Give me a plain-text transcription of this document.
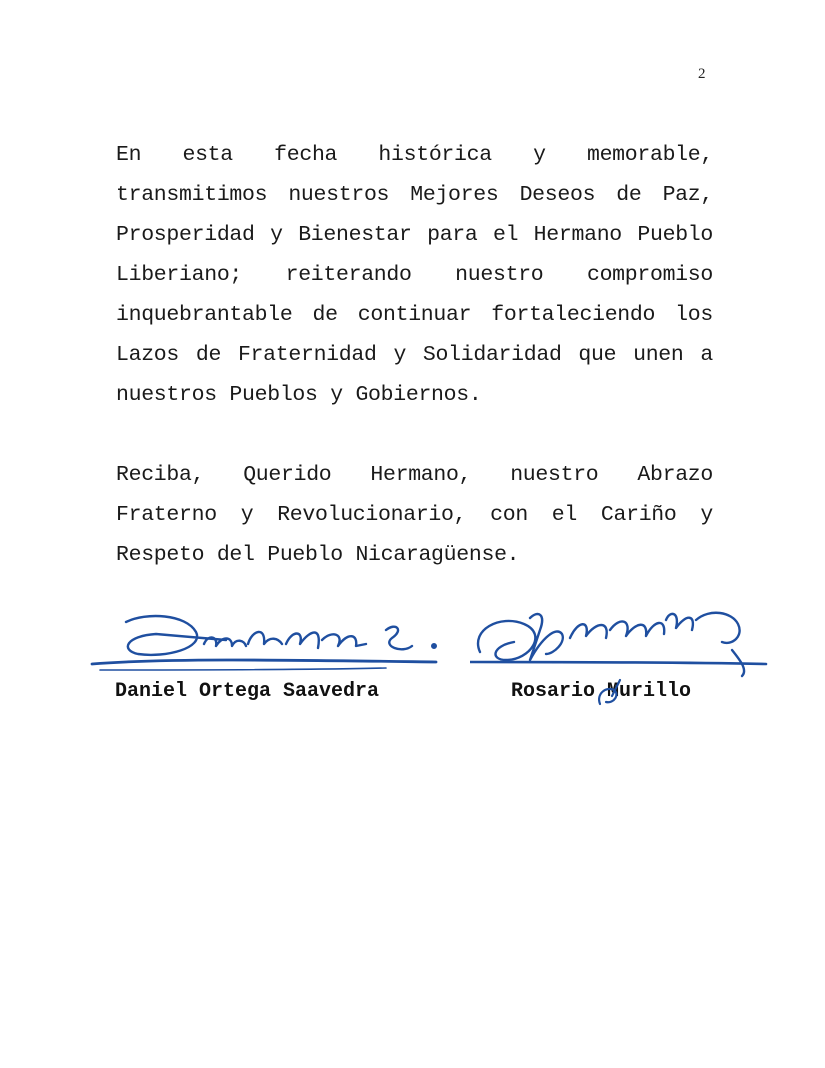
2

En esta fecha histórica y memorable, transmitimos nuestros Mejores Deseos de Paz, Prosperidad y Bienestar para el Hermano Pueblo Liberiano; reiterando nuestro compromiso inquebrantable de continuar fortaleciendo los Lazos de Fraternidad y Solidaridad que unen a nuestros Pueblos y Gobiernos.

Reciba, Querido Hermano, nuestro Abrazo Fraterno y Revolucionario, con el Cariño y Respeto del Pueblo Nicaragüense.

Daniel Ortega Saavedra	Rosario Murillo
